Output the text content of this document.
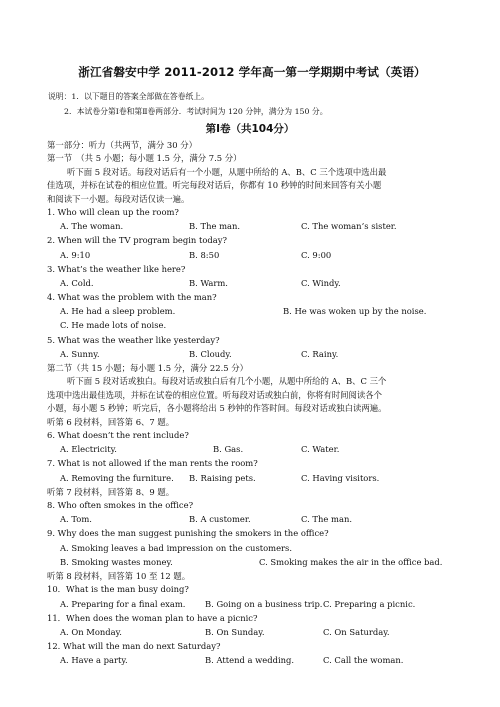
浙江省磐安中学 2011-2012 学年高一第一学期期中考试（英语）
说明：1．以下题目的答案全部做在答卷纸上。
2．本试卷分第Ⅰ卷和第Ⅱ卷两部分．考试时间为 120 分钟，满分为 150 分。
第Ⅰ卷（共104分）
第一部分：听力（共两节，满分 30 分）
第一节　（共 5 小题；每小题 1.5 分，满分 7.5 分）
听下面 5 段对话。每段对话后有一个小题，从题中所给的 A、B、C 三个选项中选出最
佳选项，并标在试卷的相应位置。听完每段对话后，你都有 10 秒钟的时间来回答有关小题
和阅读下一小题。每段对话仅读一遍。
1. Who will clean up the room?
A. The woman.	B. The man.	C. The woman’s sister.
2. When will the TV program begin today?
A. 9:10	B. 8:50	C. 9:00
3. What’s the weather like here?
A. Cold.	B. Warm.	C. Windy.
4. What was the problem with the man?
A. He had a sleep problem.	B. He was woken up by the noise.
C. He made lots of noise.
5. What was the weather like yesterday?
A. Sunny.	B. Cloudy.	C. Rainy.
第二节（共 15 小题；每小题 1.5 分，满分 22.5 分）
听下面 5 段对话或独白。每段对话或独白后有几个小题，从题中所给的 A、B、C 三个
选项中选出最佳选项，并标在试卷的相应位置。听每段对话或独白前，你将有时间阅读各个
小题，每小题 5 秒钟；听完后，各小题将给出 5 秒钟的作答时间。每段对话或独白读两遍。
听第 6 段材料，回答第 6、7 题。
6. What doesn’t the rent include?
A. Electricity.	B. Gas.	C. Water.
7. What is not allowed if the man rents the room?
A. Removing the furniture. B. Raising pets.	C. Having visitors.
听第 7 段材料，回答第 8、9 题。
8. Who often smokes in the office?
A. Tom.	B. A customer.	C. The man.
9. Why does the man suggest punishing the smokers in the office?
A. Smoking leaves a bad impression on the customers.
B. Smoking wastes money.	C. Smoking makes the air in the office bad.
听第 8 段材料，回答第 10 至 12 题。
10．What is the man busy doing?
A. Preparing for a final exam. B. Going on a business trip. C. Preparing a picnic.
11．When does the woman plan to have a picnic?
A. On Monday.	B. On Sunday.	C. On Saturday.
12. What will the man do next Saturday?
A. Have a party.	B. Attend a wedding.	C. Call the woman.
